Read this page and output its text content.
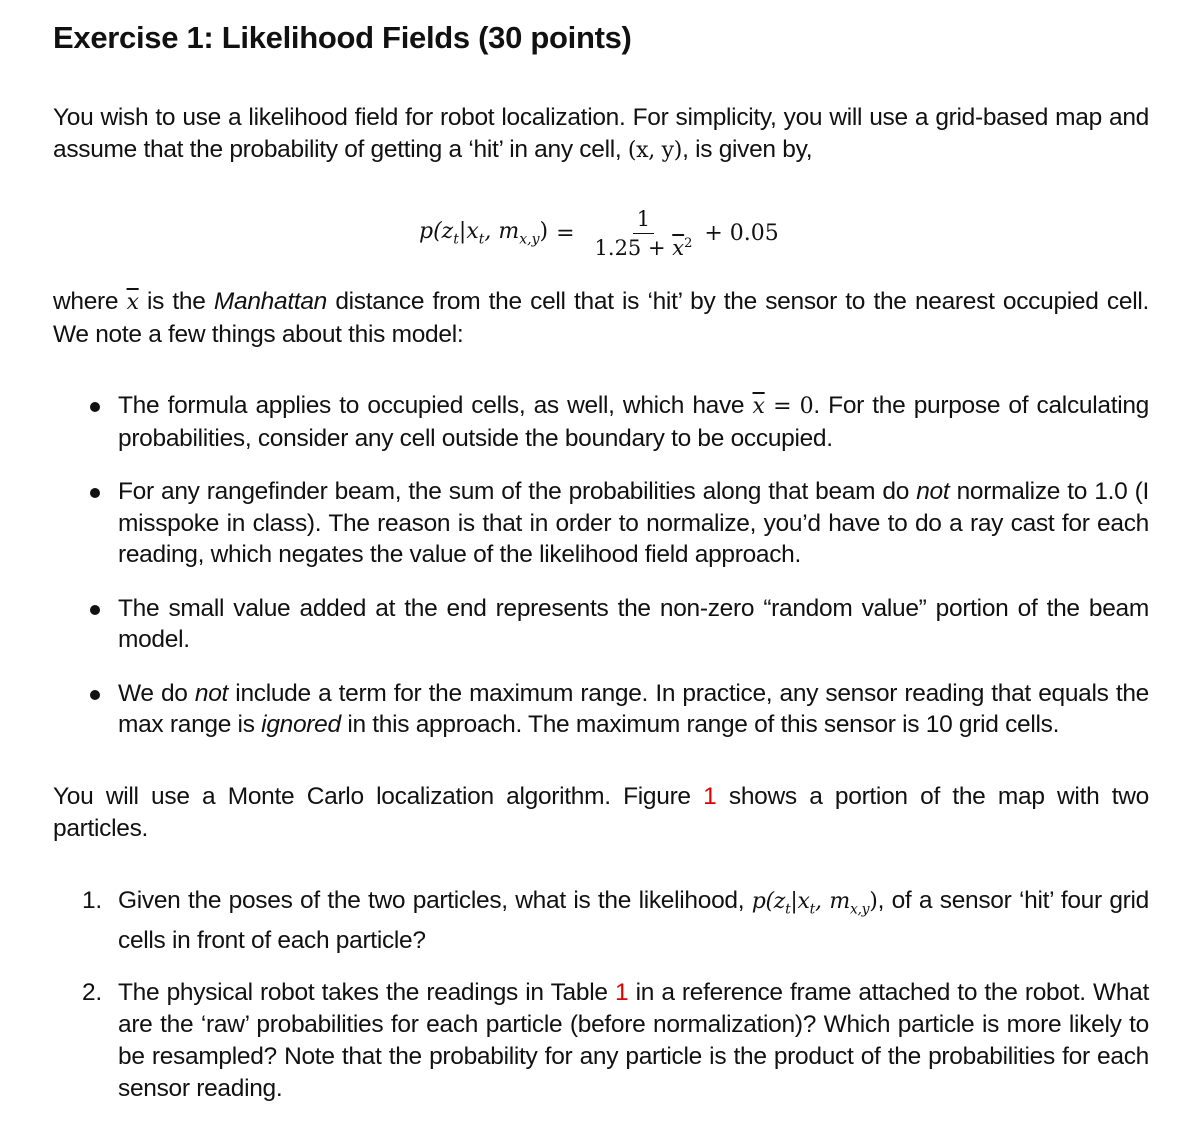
Exercise 1: Likelihood Fields (30 points)
You wish to use a likelihood field for robot localization. For simplicity, you will use a grid-based map and assume that the probability of getting a ‘hit’ in any cell, (x, y), is given by,
$p(z_t|x_t$, $m_{x,y}) = \frac{1}{1.25 + \overline{x}^2} + 0.05$
where $\overline{x}$ is the Manhattan distance from the cell that is ‘hit’ by the sensor to the nearest occupied cell. We note a few things about this model:
The formula applies to occupied cells, as well, which have $\overline{x} = 0$. For the purpose of calculating probabilities, consider any cell outside the boundary to be occupied.
For any rangefinder beam, the sum of the probabilities along that beam do not normalize to 1.0 (I misspoke in class). The reason is that in order to normalize, you’d have to do a ray cast for each reading, which negates the value of the likelihood field approach.
The small value added at the end represents the non-zero “random value” portion of the beam model.
We do not include a term for the maximum range. In practice, any sensor reading that equals the max range is ignored in this approach. The maximum range of this sensor is 10 grid cells.
You will use a Monte Carlo localization algorithm. Figure 1 shows a portion of the map with two particles.
1. Given the poses of the two particles, what is the likelihood, $p(z_t|x_t$, $m_{x,y}$), of a sensor ‘hit’ four grid cells in front of each particle?
2. The physical robot takes the readings in Table 1 in a reference frame attached to the robot. What are the ‘raw’ probabilities for each particle (before normalization)? Which particle is more likely to be resampled? Note that the probability for any particle is the product of the probabilities for each sensor reading.
